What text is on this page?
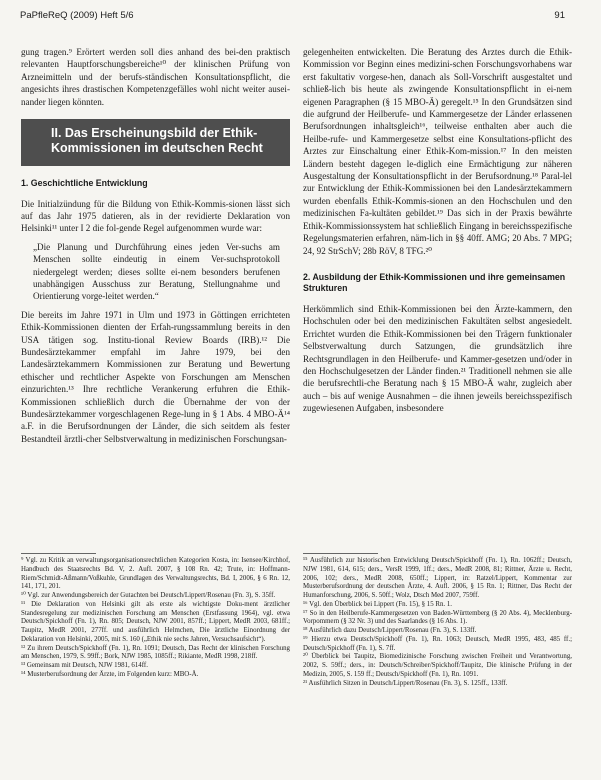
PaPfleReQ (2009) Heft 5/6	91

gung tragen.⁹ Erörtert werden soll dies anhand des bei-den praktisch relevanten Hauptforschungsbereiche¹⁰ der klinischen Prüfung von Arzneimitteln und der berufs-ständischen Konsultationspflicht, die angesichts ihres drastischen Kompetenzgefälles wohl nicht weiter ausei-nander liegen könnten.

II. Das Erscheinungsbild der Ethik-Kommissionen im deutschen Recht
1. Geschichtliche Entwicklung

Die Initialzündung für die Bildung von Ethik-Kommis-sionen lässt sich auf das Jahr 1975 datieren, als in der revidierte Deklaration von Helsinki¹¹ unter I 2 die fol-gende Regel aufgenommen wurde war:

„Die Planung und Durchführung eines jeden Ver-suchs am Menschen sollte eindeutig in einem Ver-suchsprotokoll niedergelegt werden; dieses sollte ei-nem besonders berufenen unabhängigen Ausschuss zur Beratung, Stellungnahme und Orientierung vorge-leitet werden.“

Die bereits im Jahre 1971 in Ulm und 1973 in Göttingen errichteten Ethik-Kommissionen dienten der Erfah-rungssammlung bereits in den USA tätigen sog. Institu-tional Review Boards (IRB).¹² Die Bundesärztekammer empfahl im Jahre 1979, bei den Landesärztekammern Kommissionen zur Beratung und Bewertung ethischer und rechtlicher Aspekte von Forschungen am Menschen einzurichten.¹³ Ihre rechtliche Verankerung erfuhren die Ethik-Kommissionen schließlich durch die Übernahme der von der Bundesärztekammer vorgeschlagenen Rege-lung in § 1 Abs. 4 MBO-Ä¹⁴ a.F. in die Berufsordnungen der Länder, die sich seitdem als fester Bestandteil ärztli-cher Selbstverwaltung in medizinischen Forschungsan-

gelegenheiten entwickelten. Die Beratung des Arztes durch die Ethik-Kommission vor Beginn eines medizini-schen Forschungsvorhabens war erst fakultativ vorgese-hen, danach als Soll-Vorschrift ausgestaltet und schließ-lich bis heute als zwingende Konsultationspflicht in ei-nem eigenen Paragraphen (§ 15 MBO-Ä) geregelt.¹⁵ In den Grundsätzen sind die aufgrund der Heilberufe- und Kammergesetze der Länder erlassenen Berufsordnungen inhaltsgleich¹⁶, teilweise enthalten aber auch die Heilbe-rufe- und Kammergesetze selbst eine Konsultations-pflicht des Arztes zur Einschaltung einer Ethik-Kom-mission.¹⁷ In den meisten Ländern besteht dagegen le-diglich eine Ermächtigung zur näheren Ausgestaltung der Konsultationspflicht in der Berufsordnung.¹⁸ Paral-lel zur Entwicklung der Ethik-Kommissionen bei den Landesärztekammern wurden ebenfalls Ethik-Kommis-sionen an den Hochschulen und den medizinischen Fa-kultäten gebildet.¹⁹ Das sich in der Praxis bewährte Ethik-Kommissionssystem hat schließlich Eingang in bereichsspezifische Regelungsmaterien erfahren, näm-lich in §§ 40ff. AMG; 20 Abs. 7 MPG; 24, 92 StrSchV; 28b RöV, 8 TFG.²⁰

2. Ausbildung der Ethik-Kommissionen und ihre gemeinsamen Strukturen

Herkömmlich sind Ethik-Kommissionen bei den Ärzte-kammern, den Hochschulen oder bei den medizinischen Fakultäten selbst angesiedelt. Errichtet wurden die Ethik-Kommissionen bei den Trägern funktionaler Selbstverwaltung durch Satzungen, die grundsätzlich ihre Rechtsgrundlagen in den Heilberufe- und Kammer-gesetzen und/oder in den Hochschulgesetzen der Länder finden.²¹ Traditionell nehmen sie alle die berufsrechtli-che Beratung nach § 15 MBO-Ä wahr, zugleich aber auch – bis auf wenige Ausnahmen – die ihnen jeweils bereichsspezifisch zugewiesenen Aufgaben, insbesondere

⁹ Vgl. zu Kritik an verwaltungsorganisationsrechtlichen Kategorien Kosta, in: Isensee/Kirchhof, Handbuch des Staatsrechts Bd. V, 2. Aufl. 2007, § 108 Rn. 42; Trute, in: Hoffmann-Riem/Schmidt-Aßmann/Voßkuhle, Grundlagen des Verwaltungsrechts, Bd. I, 2006, § 6 Rn. 12, 141, 171, 201.
¹⁰ Vgl. zur Anwendungsbereich der Gutachten bei Deutsch/Lippert/Rosenau (Fn. 3), S. 35ff.
¹¹ Die Deklaration von Helsinki gilt als erste als wichtigste Doku-ment ärztlicher Standesregelung zur medizinischen Forschung am Menschen (Erstfassung 1964), vgl. etwa Deutsch/Spickhoff (Fn. 1), Rn. 805; Deutsch, NJW 2001, 857ff.; Lippert, MedR 2003, 681ff.; Taupitz, MedR 2001, 277ff. und ausführlich Helmchen, Die ärztliche Einordnung der Deklaration von Helsinki, 2005, mit S. 160 („Ethik nie sechs Jahren, Versuchsaufsicht“).
¹² Zu ihrem Deutsch/Spickhoff (Fn. 1), Rn. 1091; Deutsch, Das Recht der klinischen Forschung am Menschen, 1979, S. 99ff.; Bork, NJW 1985, 1085ff.; Rikiante, MedR 1998, 218ff.
¹³ Gemeinsam mit Deutsch, NJW 1981, 614ff.
¹⁴ Musterberufsordnung der Ärzte, im Folgenden kurz: MBO-Ä.
¹⁵ Ausführlich zur historischen Entwicklung Deutsch/Spickhoff (Fn. 1), Rn. 1062ff.; Deutsch, NJW 1981, 614, 615; ders., VersR 1999, 1ff.; ders., MedR 2008, 81; Rittner, Ärzte u. Recht, 2006, 102; ders., MedR 2008, 650ff.; Lippert, in: Ratzel/Lippert, Kommentar zur Musterberufsordnung der deutschen Ärzte, 4. Aufl. 2006, § 15 Rn. 1; Rittner, Das Recht der Humanforschung, 2006, S. 50ff.; Wolz, Dtsch Med 2007, 759ff.
¹⁶ Vgl. den Überblick bei Lippert (Fn. 15), § 15 Rn. 1.
¹⁷ So in den Heilberufe-Kammergesetzen von Baden-Württemberg (§ 20 Abs. 4), Mecklenburg-Vorpommern (§ 32 Nr. 3) und des Saarlandes (§ 16 Abs. 1).
¹⁸ Ausführlich dazu Deutsch/Lippert/Rosenau (Fn. 3), S. 133ff.
¹⁹ Hierzu etwa Deutsch/Spickhoff (Fn. 1), Rn. 1063; Deutsch, MedR 1995, 483, 485 ff.; Deutsch/Spickhoff (Fn. 1), S. 7ff.
²⁰ Überblick bei Taupitz, Biomedizinische Forschung zwischen Freiheit und Verantwortung, 2002, S. 59ff.; ders., in: Deutsch/Schreiber/Spickhoff/Taupitz, Die klinische Prüfung in der Medizin, 2005, S. 159 ff.; Deutsch/Spickhoff (Fn. 1), Rn. 1091.
²¹ Ausführlich Sitzen in Deutsch/Lippert/Rosenau (Fn. 3), S. 125ff., 133ff.
